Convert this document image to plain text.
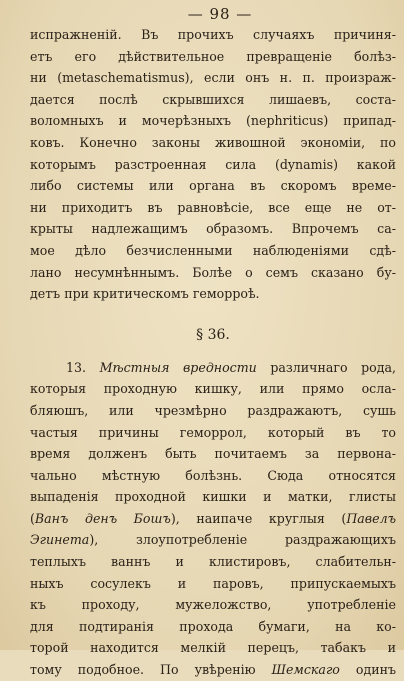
— 98 —
испражненій. Въ прочихъ случаяхъ причиня-
етъ его дѣйствительное превращеніе болѣз-
ни (metaschematismus), если онъ н. п. произраж-
дается послѣ скрывшихся лишаевъ, состa-
воломныхъ и мочерѣзныхъ (nephriticus) припад-
ковъ. Конечно законы живошной экономіи, по
которымъ разстроенная сила (dynamis) какой
либо системы или органа въ скоромъ време-
ни приходитъ въ равновѣсіе, все еще не от-
крыты надлежащимъ образомъ. Впрочемъ са-
мое дѣло безчисленными наблюденіями сдѣ-
лано несумнѣннымъ. Болѣе о семъ сказано бу-
детъ при критическомъ геморроѣ.
§ 36.
13. Мѣстныя вредности различнаго рода,
которыя проходную кишку, или прямо осла-
бляюшъ, или чрезмѣрно раздражаютъ, сушь
частыя причины геморрол, который въ то
время долженъ быть почитаемъ за первона-
чально мѣстную болѣзнь. Сюда относятся
выпаденія проходной кишки и матки, глисты
(Ванъ денъ Бошъ), наипаче круглыя (Павелъ
Эгинета), злоупотребленіе раздражающихъ
теплыхъ ваннъ и клистировъ, слабительн-
ныхъ сосулекъ и паровъ, припускаемыхъ
къ проходу, мужеложство, употребленіе
для подтиранія прохода бумаги, на ко-
торой находится мелкій перецъ, табакъ и
тому подобное. По увѣренію Шемскаго одинъ
